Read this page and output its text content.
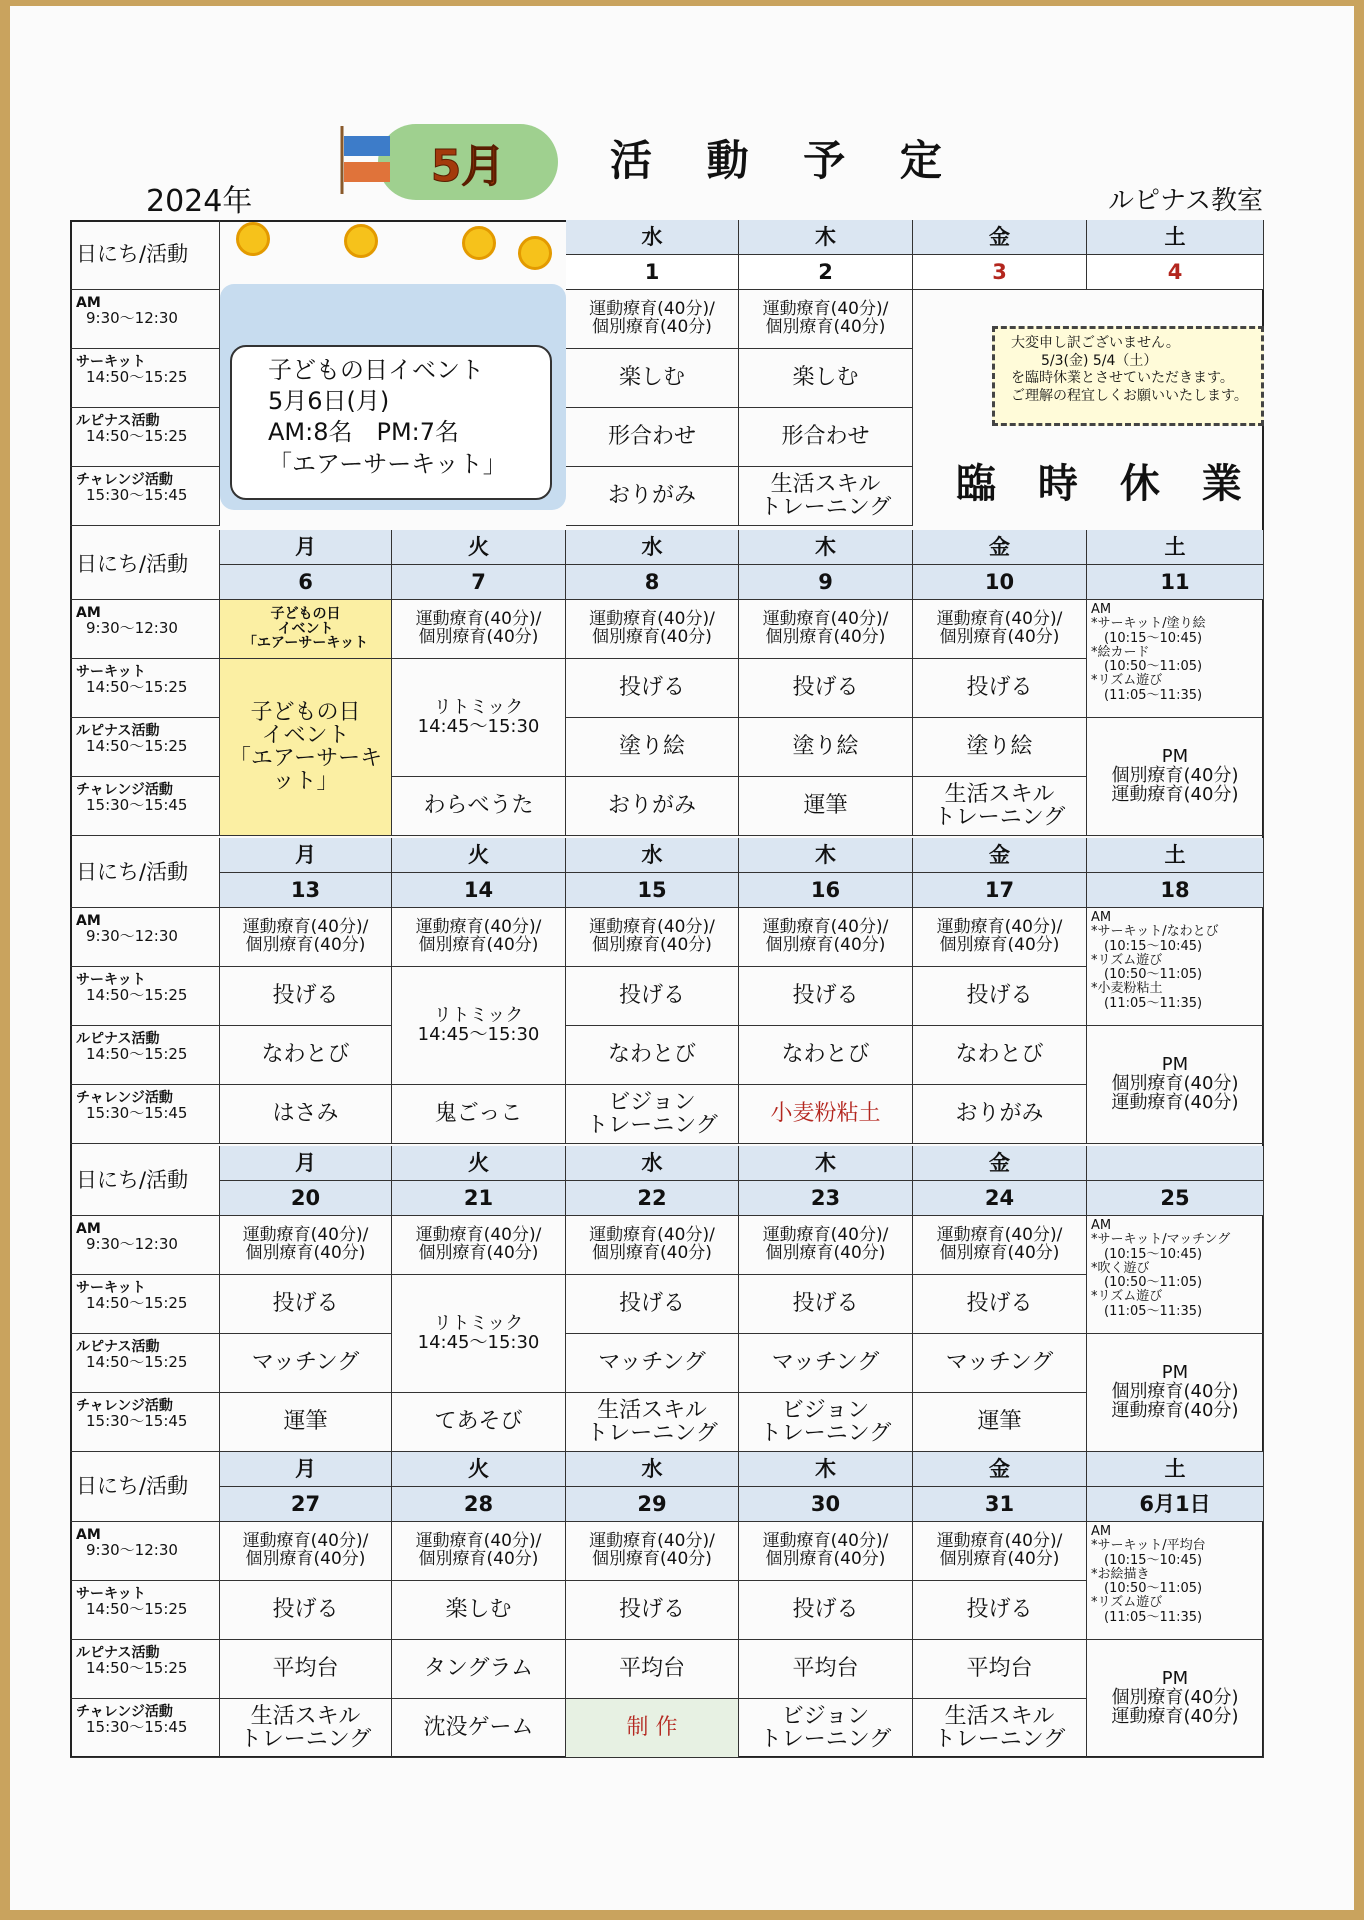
2024年
活 動 予 定
ルピナス教室
5月
日にち/活動
水
1
木
2
金
3
土
4
AM
9:30～12:30
サーキット
14:50～15:25
ルピナス活動
14:50～15:25
チャレンジ活動
15:30～15:45
運動療育(40分)/
個別療育(40分)
楽しむ
形合わせ
おりがみ
運動療育(40分)/
個別療育(40分)
楽しむ
形合わせ
生活スキル
トレーニング
日にち/活動
月
6
火
7
水
8
木
9
金
10
土
11
AM
9:30～12:30
サーキット
14:50～15:25
ルピナス活動
14:50～15:25
チャレンジ活動
15:30～15:45
子どもの日
イベント
「エアーサーキット
子どもの日
イベント
「エアーサーキット」
運動療育(40分)/
個別療育(40分)
リトミック
14:45～15:30
わらべうた
運動療育(40分)/
個別療育(40分)
投げる
塗り絵
おりがみ
運動療育(40分)/
個別療育(40分)
投げる
塗り絵
運筆
運動療育(40分)/
個別療育(40分)
投げる
塗り絵
生活スキル
トレーニング
AM
*サーキット/塗り絵
　(10:15～10:45)
*絵カード
　(10:50～11:05)
*リズム遊び
　(11:05～11:35)
PM
個別療育(40分)
運動療育(40分)
日にち/活動
月
13
火
14
水
15
木
16
金
17
土
18
AM
9:30～12:30
サーキット
14:50～15:25
ルピナス活動
14:50～15:25
チャレンジ活動
15:30～15:45
運動療育(40分)/
個別療育(40分)
投げる
なわとび
はさみ
運動療育(40分)/
個別療育(40分)
リトミック
14:45～15:30
鬼ごっこ
運動療育(40分)/
個別療育(40分)
投げる
なわとび
ビジョン
トレーニング
運動療育(40分)/
個別療育(40分)
投げる
なわとび
小麦粉粘土
運動療育(40分)/
個別療育(40分)
投げる
なわとび
おりがみ
AM
*サーキット/なわとび
　(10:15～10:45)
*リズム遊び
　(10:50～11:05)
*小麦粉粘土
　(11:05～11:35)
PM
個別療育(40分)
運動療育(40分)
日にち/活動
月
20
火
21
水
22
木
23
金
24	25
AM
9:30～12:30
サーキット
14:50～15:25
ルピナス活動
14:50～15:25
チャレンジ活動
15:30～15:45
運動療育(40分)/
個別療育(40分)
投げる
マッチング
運筆
運動療育(40分)/
個別療育(40分)
リトミック
14:45～15:30
てあそび
運動療育(40分)/
個別療育(40分)
投げる
マッチング
生活スキル
トレーニング
運動療育(40分)/
個別療育(40分)
投げる
マッチング
ビジョン
トレーニング
運動療育(40分)/
個別療育(40分)
投げる
マッチング
運筆
AM
*サーキット/マッチング
　(10:15～10:45)
*吹く遊び
　(10:50～11:05)
*リズム遊び
　(11:05～11:35)
PM
個別療育(40分)
運動療育(40分)
日にち/活動
月
27
火
28
水
29
木
30
金
31
土
6月1日
AM
9:30～12:30
サーキット
14:50～15:25
ルピナス活動
14:50～15:25
チャレンジ活動
15:30～15:45
運動療育(40分)/
個別療育(40分)
投げる
平均台
生活スキル
トレーニング
運動療育(40分)/
個別療育(40分)
楽しむ
タングラム
沈没ゲーム
運動療育(40分)/
個別療育(40分)
投げる
平均台
制 作
運動療育(40分)/
個別療育(40分)
投げる
平均台
ビジョン
トレーニング
運動療育(40分)/
個別療育(40分)
投げる
平均台
生活スキル
トレーニング
AM
*サーキット/平均台
　(10:15～10:45)
*お絵描き
　(10:50～11:05)
*リズム遊び
　(11:05～11:35)
PM
個別療育(40分)
運動療育(40分)
子どもの日イベント
5月6日(月)
AM:8名　PM:7名
「エアーサーキット」
大変申し訳ございません。
5/3(金) 5/4（土）
を臨時休業とさせていただきます。
ご理解の程宜しくお願いいたします。
臨 時 休 業
